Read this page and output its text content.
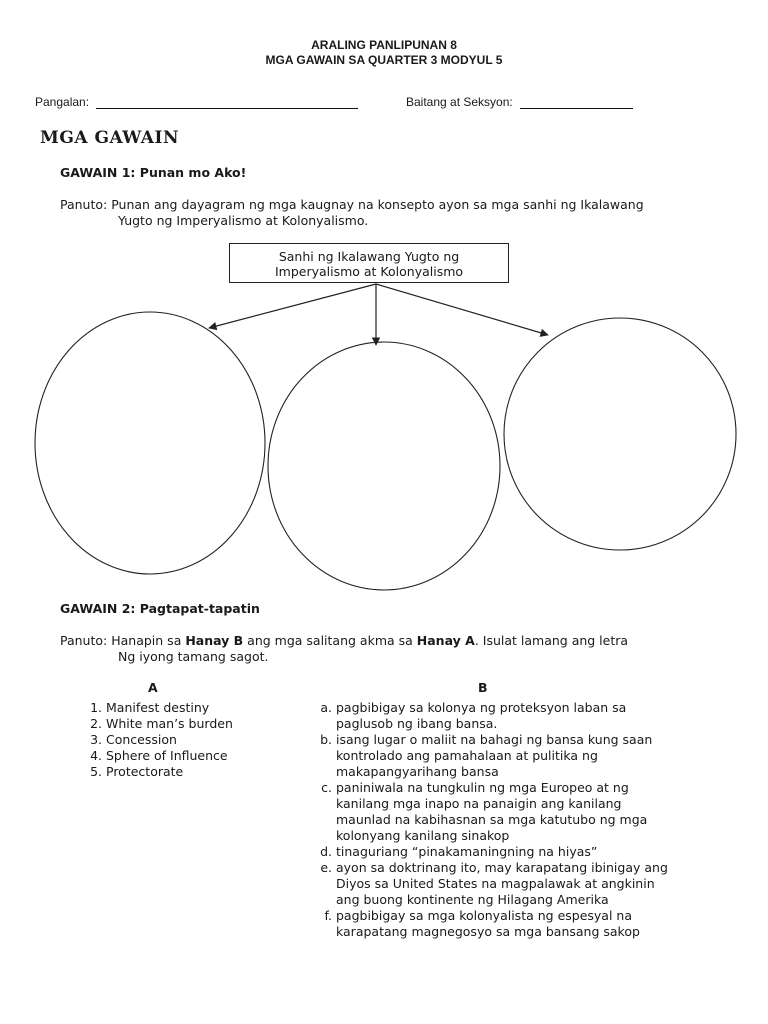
ARALING PANLIPUNAN 8
MGA GAWAIN SA QUARTER 3 MODYUL 5
Pangalan:	Baitang at Seksyon:
MGA GAWAIN
GAWAIN 1: Punan mo Ako!
Panuto: Punan ang dayagram ng mga kaugnay na konsepto ayon sa mga sanhi ng Ikalawang
Yugto ng Imperyalismo at Kolonyalismo.
Sanhi ng Ikalawang Yugto ng
Imperyalismo at Kolonyalismo
GAWAIN 2: Pagtapat-tapatin
Panuto: Hanapin sa Hanay B ang mga salitang akma sa Hanay A. Isulat lamang ang letra
Ng iyong tamang sagot.
A	B
1. Manifest destiny
2. White man’s burden
3. Concession
4. Sphere of Influence
5. Protectorate
a. pagbibigay sa kolonya ng proteksyon laban sa
paglusob ng ibang bansa.
b. isang lugar o maliit na bahagi ng bansa kung saan
kontrolado ang pamahalaan at pulitika ng
makapangyarihang bansa
c. paniniwala na tungkulin ng mga Europeo at ng
kanilang mga inapo na panaigin ang kanilang
maunlad na kabihasnan sa mga katutubo ng mga
kolonyang kanilang sinakop
d. tinaguriang “pinakamaningning na hiyas”
e. ayon sa doktrinang ito, may karapatang ibinigay ang
Diyos sa United States na magpalawak at angkinin
ang buong kontinente ng Hilagang Amerika
f. pagbibigay sa mga kolonyalista ng espesyal na
karapatang magnegosyo sa mga bansang sakop
